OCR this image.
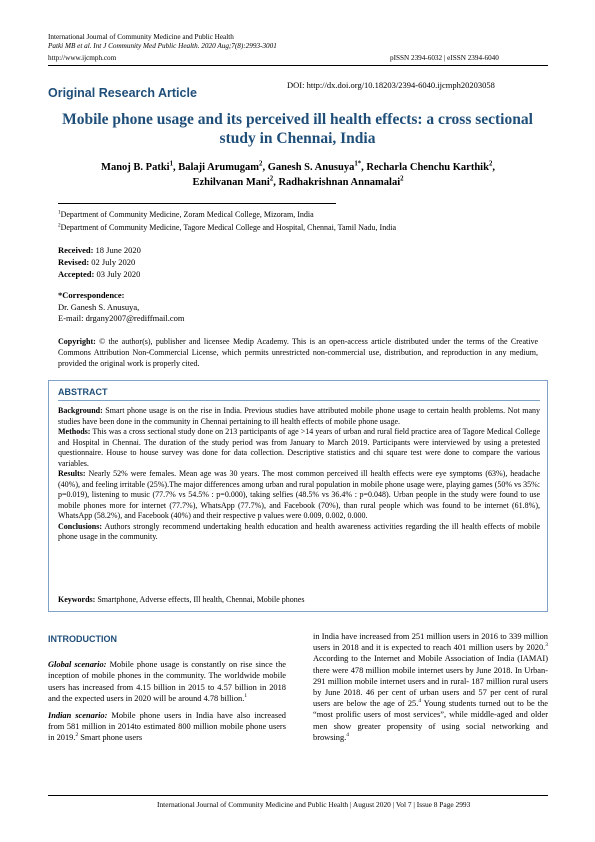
International Journal of Community Medicine and Public Health
Patki MB et al. Int J Community Med Public Health. 2020 Aug;7(8):2993-3001
http://www.ijcmph.com	pISSN 2394-6032 | eISSN 2394-6040
Original Research Article
DOI: http://dx.doi.org/10.18203/2394-6040.ijcmph20203058
Mobile phone usage and its perceived ill health effects: a cross sectional study in Chennai, India
Manoj B. Patki$^1$, Balaji Arumugam$^2$, Ganesh S. Anusuya$^{1*}$, Recharla Chenchu Karthik$^2$,
Ezhilvanan Mani$^2$, Radhakrishnan Annamalai$^2$
$^1$Department of Community Medicine, Zoram Medical College, Mizoram, India
$^2$Department of Community Medicine, Tagore Medical College and Hospital, Chennai, Tamil Nadu, India
Received: 18 June 2020
Revised: 02 July 2020
Accepted: 03 July 2020
*Correspondence:
Dr. Ganesh S. Anusuya,
E-mail: drgany2007@rediffmail.com
Copyright: © the author(s), publisher and licensee Medip Academy. This is an open-access article distributed under the terms of the Creative Commons Attribution Non-Commercial License, which permits unrestricted non-commercial use, distribution, and reproduction in any medium, provided the original work is properly cited.
ABSTRACT

Background: Smart phone usage is on the rise in India. Previous studies have attributed mobile phone usage to certain health problems. Not many studies have been done in the community in Chennai pertaining to ill health effects of mobile phone usage.

Methods: This was a cross sectional study done on 213 participants of age >14 years of urban and rural field practice area of Tagore Medical College and Hospital in Chennai. The duration of the study period was from January to March 2019. Participants were interviewed by using a pretested questionnaire. House to house survey was done for data collection. Descriptive statistics and chi square test were done to compare the various variables.

Results: Nearly 52% were females. Mean age was 30 years. The most common perceived ill health effects were eye symptoms (63%), headache (40%), and feeling irritable (25%).The major differences among urban and rural population in mobile phone usage were, playing games (50% vs 35%: p=0.019), listening to music (77.7% vs 54.5% : p=0.000), taking selfies (48.5% vs 36.4% : p=0.048). Urban people in the study were found to use mobile phones more for internet (77.7%), WhatsApp (77.7%), and Facebook (70%), than rural people which was found to be internet (61.8%), WhatsApp (58.2%), and Facebook (40%) and their respective p values were 0.009, 0.002, 0.000.

Conclusions: Authors strongly recommend undertaking health education and health awareness activities regarding the ill health effects of mobile phone usage in the community.

Keywords: Smartphone, Adverse effects, Ill health, Chennai, Mobile phones

INTRODUCTION

Global scenario: Mobile phone usage is constantly on rise since the inception of mobile phones in the community. The worldwide mobile users has increased from 4.15 billion in 2015 to 4.57 billion in 2018 and the expected users in 2020 will be around 4.78 billion.$^1$

Indian scenario: Mobile phone users in India have also increased from 581 million in 2014to estimated 800 million mobile phone users in 2019.$^2$ Smart phone users

in India have increased from 251 million users in 2016 to 339 million users in 2018 and it is expected to reach 401 million users by 2020.$^3$ According to the Internet and Mobile Association of India (IAMAI) there were 478 million mobile internet users by June 2018. In Urban- 291 million mobile internet users and in rural- 187 million rural users by June 2018. 46 per cent of urban users and 57 per cent of rural users are below the age of 25.$^4$ Young students turned out to be the “most prolific users of most services”, while middle-aged and older men show greater propensity of using social networking and browsing.$^4$

International Journal of Community Medicine and Public Health | August 2020 | Vol 7 | Issue 8 Page 2993
